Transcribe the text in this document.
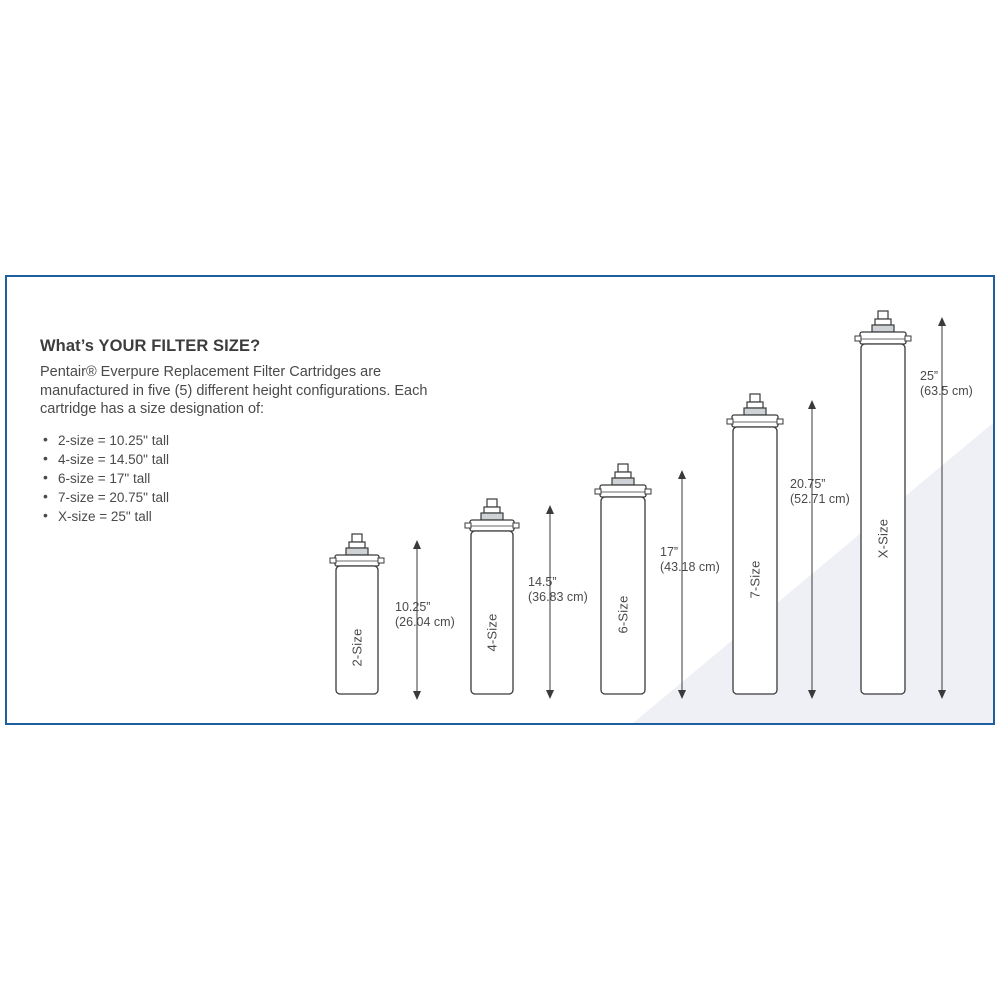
What’s YOUR FILTER SIZE?

Pentair® Everpure Replacement Filter Cartridges are manufactured in five (5) different height configurations. Each cartridge has a size designation of:

• 2-size = 10.25" tall
• 4-size = 14.50" tall
• 6-size = 17" tall
• 7-size = 20.75" tall
• X-size = 25" tall
2-Size
10.25”
(26.04 cm) 4-Size
14.5”
(36.83 cm) 6-Size
17”
(43.18 cm) 7-Size
20.75”
(52.71 cm)
X-Size
25”
(63.5 cm)
